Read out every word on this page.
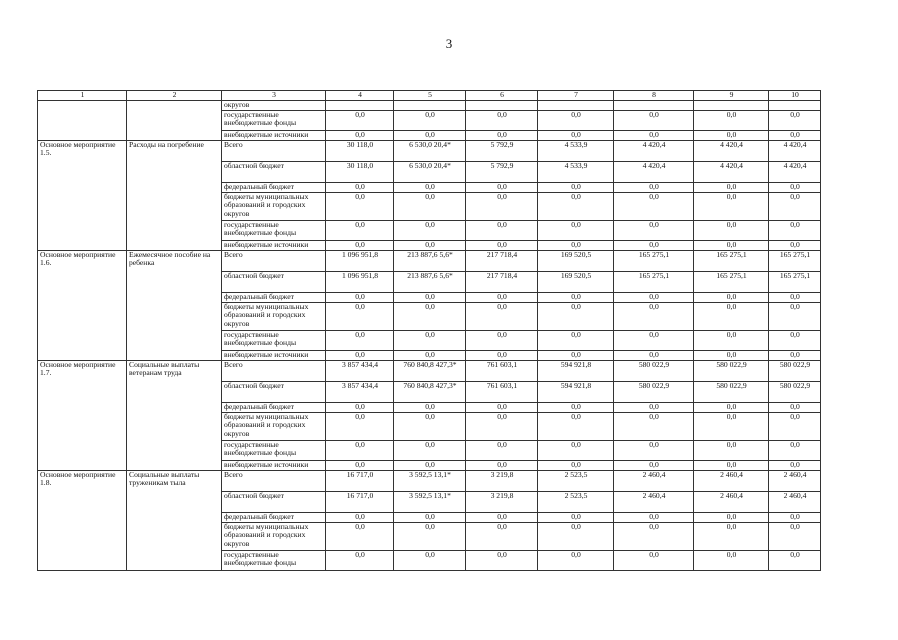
3
1	2	3	4	5	6	7	8	9	10
		округов							
		государственные внебюджетные фонды	0,0	0,0	0,0	0,0	0,0	0,0	0,0
		внебюджетные источники	0,0	0,0	0,0	0,0	0,0	0,0	0,0
Основное мероприятие 1.5.	Расходы на погребение	Всего	30 118,0	6 530,0 20,4*	5 792,9	4 533,9	4 420,4	4 420,4	4 420,4
		областной бюджет	30 118,0	6 530,0 20,4*	5 792,9	4 533,9	4 420,4	4 420,4	4 420,4
		федеральный бюджет	0,0	0,0	0,0	0,0	0,0	0,0	0,0
		бюджеты муниципальных образований и городских округов	0,0	0,0	0,0	0,0	0,0	0,0	0,0
		государственные внебюджетные фонды	0,0	0,0	0,0	0,0	0,0	0,0	0,0
		внебюджетные источники	0,0	0,0	0,0	0,0	0,0	0,0	0,0
Основное мероприятие 1.6.	Ежемесячное пособие на ребенка	Всего	1 096 951,8	213 887,6 5,6*	217 718,4	169 520,5	165 275,1	165 275,1	165 275,1
		областной бюджет	1 096 951,8	213 887,6 5,6*	217 718,4	169 520,5	165 275,1	165 275,1	165 275,1
		федеральный бюджет	0,0	0,0	0,0	0,0	0,0	0,0	0,0
		бюджеты муниципальных образований и городских округов	0,0	0,0	0,0	0,0	0,0	0,0	0,0
		государственные внебюджетные фонды	0,0	0,0	0,0	0,0	0,0	0,0	0,0
		внебюджетные источники	0,0	0,0	0,0	0,0	0,0	0,0	0,0
Основное мероприятие 1.7.	Социальные выплаты ветеранам труда	Всего	3 857 434,4	760 840,8 427,3*	761 603,1	594 921,8	580 022,9	580 022,9	580 022,9
		областной бюджет	3 857 434,4	760 840,8 427,3*	761 603,1	594 921,8	580 022,9	580 022,9	580 022,9
		федеральный бюджет	0,0	0,0	0,0	0,0	0,0	0,0	0,0
		бюджеты муниципальных образований и городских округов	0,0	0,0	0,0	0,0	0,0	0,0	0,0
		государственные внебюджетные фонды	0,0	0,0	0,0	0,0	0,0	0,0	0,0
		внебюджетные источники	0,0	0,0	0,0	0,0	0,0	0,0	0,0
Основное мероприятие 1.8.	Социальные выплаты труженикам тыла	Всего	16 717,0	3 592,5 13,1*	3 219,8	2 523,5	2 460,4	2 460,4	2 460,4
		областной бюджет	16 717,0	3 592,5 13,1*	3 219,8	2 523,5	2 460,4	2 460,4	2 460,4
		федеральный бюджет	0,0	0,0	0,0	0,0	0,0	0,0	0,0
		бюджеты муниципальных образований и городских округов	0,0	0,0	0,0	0,0	0,0	0,0	0,0
		государственные внебюджетные фонды	0,0	0,0	0,0	0,0	0,0	0,0	0,0
